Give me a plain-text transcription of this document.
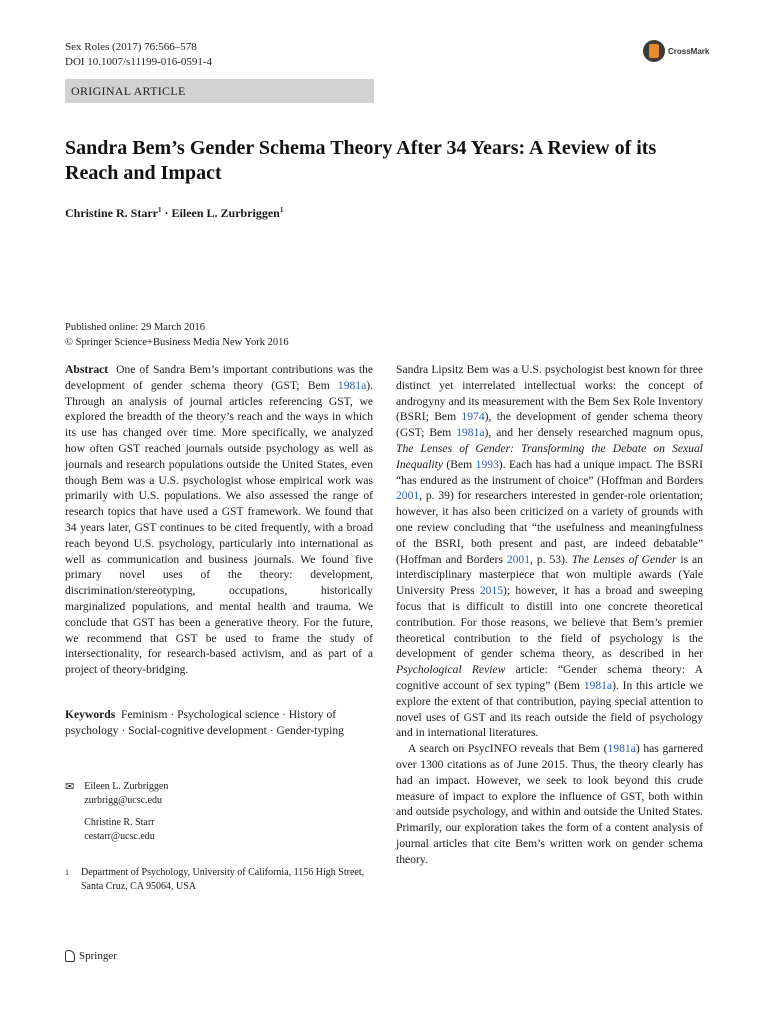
Sex Roles (2017) 76:566–578
DOI 10.1007/s11199-016-0591-4
ORIGINAL ARTICLE
CrossMark
Sandra Bem’s Gender Schema Theory After 34 Years: A Review of its Reach and Impact
Christine R. Starr$^1$ · Eileen L. Zurbriggen$^1$
Published online: 29 March 2016
© Springer Science+Business Media New York 2016

Abstract One of Sandra Bem’s important contributions was the development of gender schema theory (GST; Bem 1981a). Through an analysis of journal articles referencing GST, we explored the breadth of the theory’s reach and the ways in which its use has changed over time. More specifically, we analyzed how often GST reached journals outside psychology as well as journals and research populations outside the United States, even though Bem was a U.S. psychologist whose empirical work was primarily with U.S. populations. We also assessed the range of research topics that have used a GST framework. We found that 34 years later, GST continues to be cited frequently, with a broad reach beyond U.S. psychology, particularly into international as well as communication and business journals. We found five primary novel uses of the theory: development, discrimination/stereotyping, occupations, historically marginalized populations, and mental health and trauma. We conclude that GST has been a generative theory. For the future, we recommend that GST be used to frame the study of intersectionality, for research-based activism, and as part of a project of theory-bridging.

Keywords Feminism · Psychological science · History of psychology · Social-cognitive development · Gender-typing

✉ Eileen L. Zurbriggen
zurbrigg@ucsc.edu
Christine R. Starr
cestarr@ucsc.edu
1 Department of Psychology, University of California, 1156 High Street, Santa Cruz, CA 95064, USA

Sandra Lipsitz Bem was a U.S. psychologist best known for three distinct yet interrelated intellectual works: the concept of androgyny and its measurement with the Bem Sex Role Inventory (BSRI; Bem 1974), the development of gender schema theory (GST; Bem 1981a), and her densely researched magnum opus, The Lenses of Gender: Transforming the Debate on Sexual Inequality (Bem 1993). Each has had a unique impact. The BSRI “has endured as the instrument of choice” (Hoffman and Borders 2001, p. 39) for researchers interested in gender-role orientation; however, it has also been criticized on a variety of grounds with one review concluding that “the usefulness and meaningfulness of the BSRI, both present and past, are indeed debatable” (Hoffman and Borders 2001, p. 53). The Lenses of Gender is an interdisciplinary masterpiece that won multiple awards (Yale University Press 2015); however, it has a broad and sweeping focus that is difficult to distill into one concrete theoretical contribution. For those reasons, we believe that Bem’s premier theoretical contribution to the field of psychology is the development of gender schema theory, as described in her Psychological Review article: “Gender schema theory: A cognitive account of sex typing” (Bem 1981a). In this article we explore the extent of that contribution, paying special attention to novel uses of GST and its reach outside the field of psychology and in international literatures.

A search on PsycINFO reveals that Bem (1981a) has garnered over 1300 citations as of June 2015. Thus, the theory clearly has had an impact. However, we seek to look beyond this crude measure of impact to explore the influence of GST, both within and outside psychology, and within and outside the United States. Primarily, our exploration takes the form of a content analysis of journal articles that cite Bem’s written work on gender schema theory.

Springer
